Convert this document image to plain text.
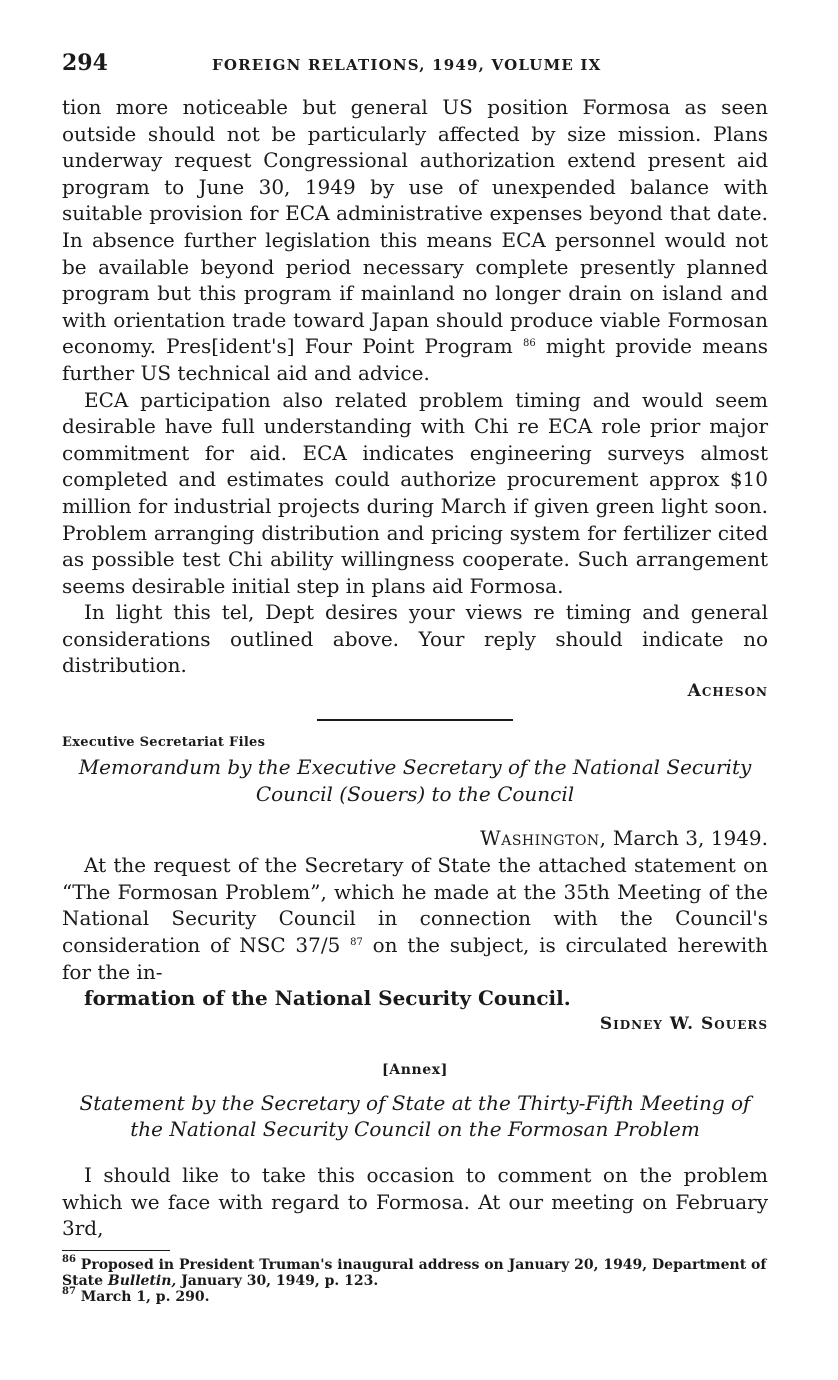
294	FOREIGN RELATIONS, 1949, VOLUME IX

tion more noticeable but general US position Formosa as seen outside should not be particularly affected by size mission. Plans underway request Congressional authorization extend present aid program to June 30, 1949 by use of unexpended balance with suitable provision for ECA administrative expenses beyond that date. In absence further legislation this means ECA personnel would not be available beyond period necessary complete presently planned program but this program if mainland no longer drain on island and with orientation trade toward Japan should produce viable Formosan economy. Pres[ident's] Four Point Program $^{86}$ might provide means further US technical aid and advice.

ECA participation also related problem timing and would seem desirable have full understanding with Chi re ECA role prior major commitment for aid. ECA indicates engineering surveys almost completed and estimates could authorize procurement approx $10 million for industrial projects during March if given green light soon. Problem arranging distribution and pricing system for fertilizer cited as possible test Chi ability willingness cooperate. Such arrangement seems desirable initial step in plans aid Formosa.

In light this tel, Dept desires your views re timing and general considerations outlined above. Your reply should indicate no distribution.

Acheson

Executive Secretariat Files

Memorandum by the Executive Secretary of the National Security

Council (Souers) to the Council

Washington, March 3, 1949.

At the request of the Secretary of State the attached statement on “The Formosan Problem”, which he made at the 35th Meeting of the National Security Council in connection with the Council's consideration of NSC 37/5 $^{87}$ on the subject, is circulated herewith for the in-
formation of the National Security Council.

Sidney W. Souers

[Annex]

Statement by the Secretary of State at the Thirty-Fifth Meeting of

the National Security Council on the Formosan Problem

I should like to take this occasion to comment on the problem which we face with regard to Formosa. At our meeting on February 3rd,

$^{86}$ Proposed in President Truman's inaugural address on January 20, 1949, Department of State Bulletin, January 30, 1949, p. 123.

$^{87}$ March 1, p. 290.
